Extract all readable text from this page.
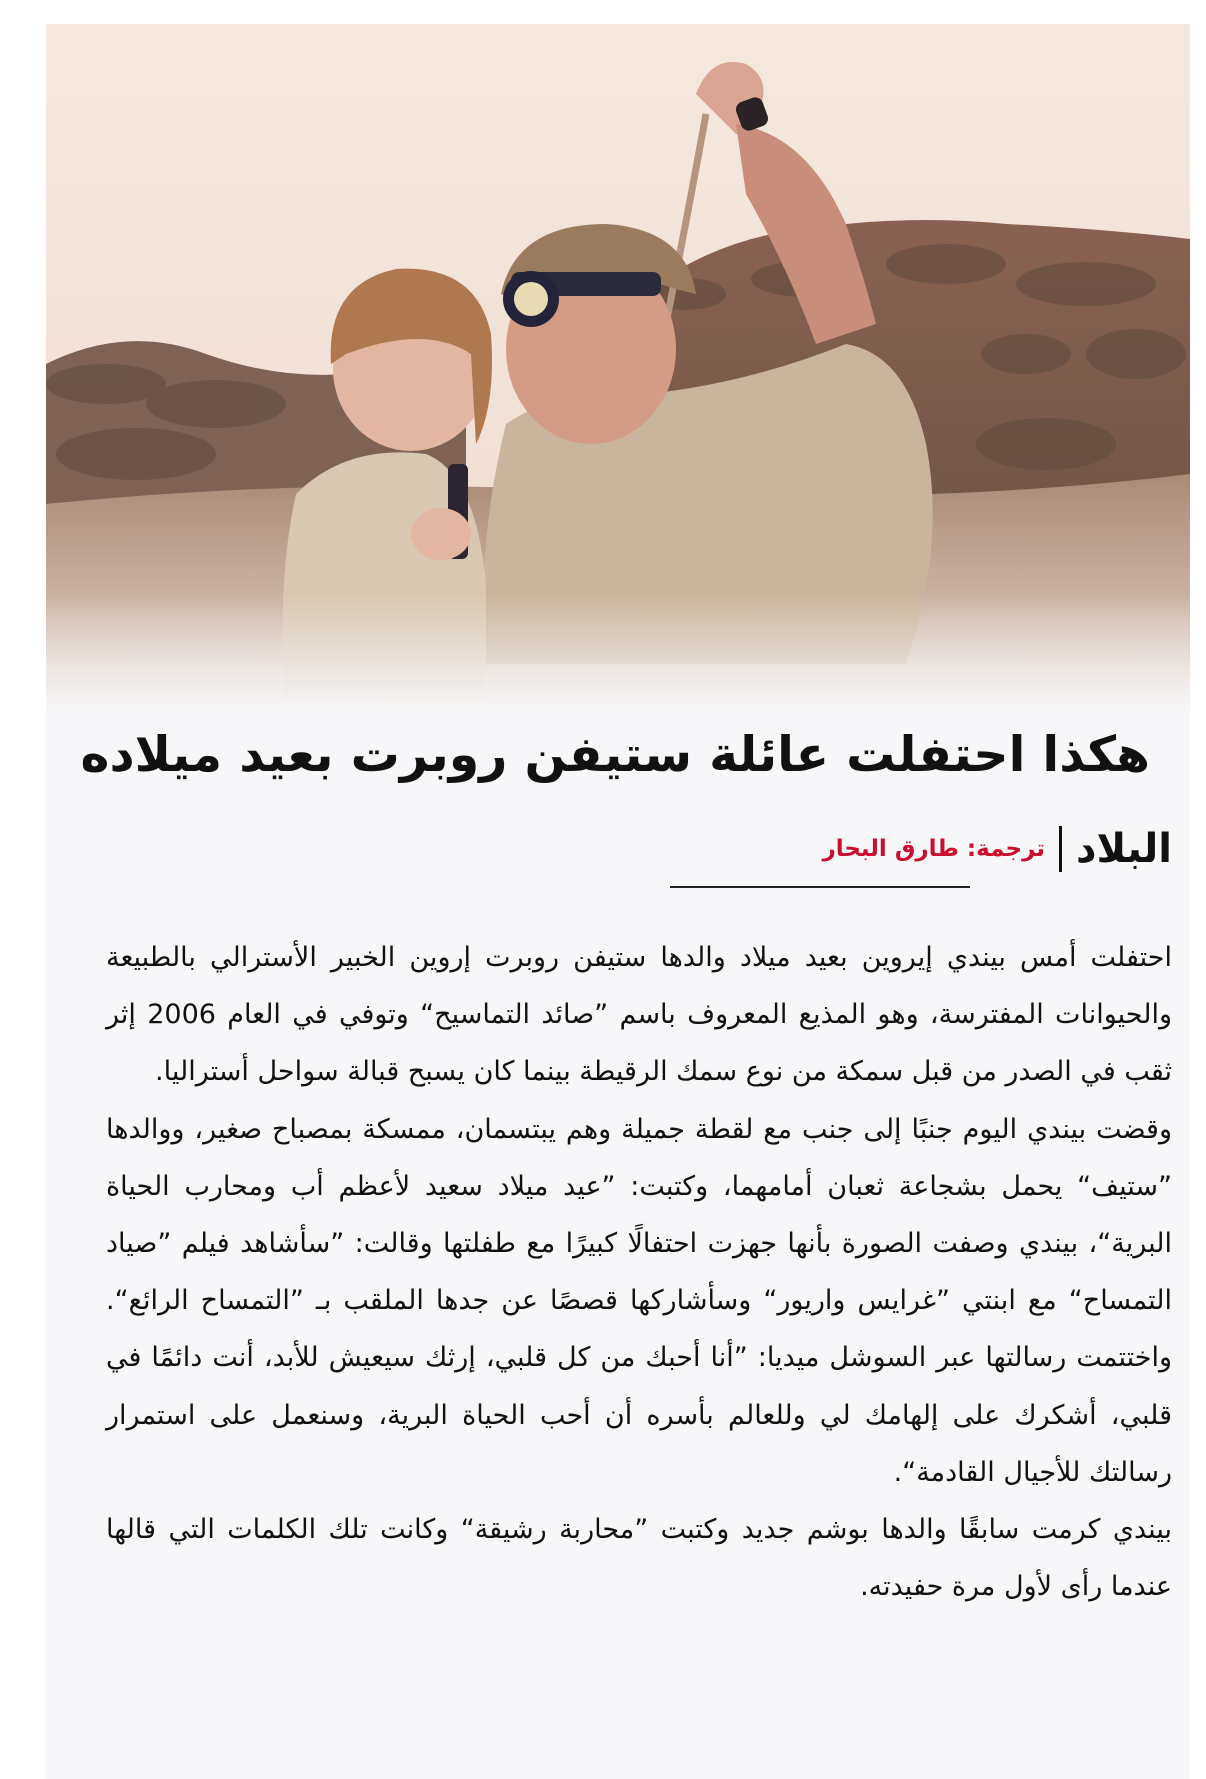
هكذا احتفلت عائلة ستيفن روبرت بعيد ميلاده
البلاد
ترجمة: طارق البحار

احتفلت أمس بيندي إيروين بعيد ميلاد والدها ستيفن روبرت إروين الخبير الأسترالي بالطبيعة والحيوانات المفترسة، وهو المذيع المعروف باسم ”صائد التماسيح“ وتوفي في العام 2006 إثر ثقب في الصدر من قبل سمكة من نوع سمك الرقيطة بينما كان يسبح قبالة سواحل أستراليا.

وقضت بيندي اليوم جنبًا إلى جنب مع لقطة جميلة وهم يبتسمان، ممسكة بمصباح صغير، ووالدها ”ستيف“ يحمل بشجاعة ثعبان أمامهما، وكتبت: ”عيد ميلاد سعيد لأعظم أب ومحارب الحياة البرية“، بيندي وصفت الصورة بأنها جهزت احتفالًا كبيرًا مع طفلتها وقالت: ”سأشاهد فيلم ”صياد التمساح“ مع ابنتي ”غرايس واريور“ وسأشاركها قصصًا عن جدها الملقب بـ ”التمساح الرائع“. واختتمت رسالتها عبر السوشل ميديا: ”أنا أحبك من كل قلبي، إرثك سيعيش للأبد، أنت دائمًا في قلبي، أشكرك على إلهامك لي وللعالم بأسره أن أحب الحياة البرية، وسنعمل على استمرار رسالتك للأجيال القادمة“.

بيندي كرمت سابقًا والدها بوشم جديد وكتبت ”محاربة رشيقة“ وكانت تلك الكلمات التي قالها عندما رأى لأول مرة حفيدته.
